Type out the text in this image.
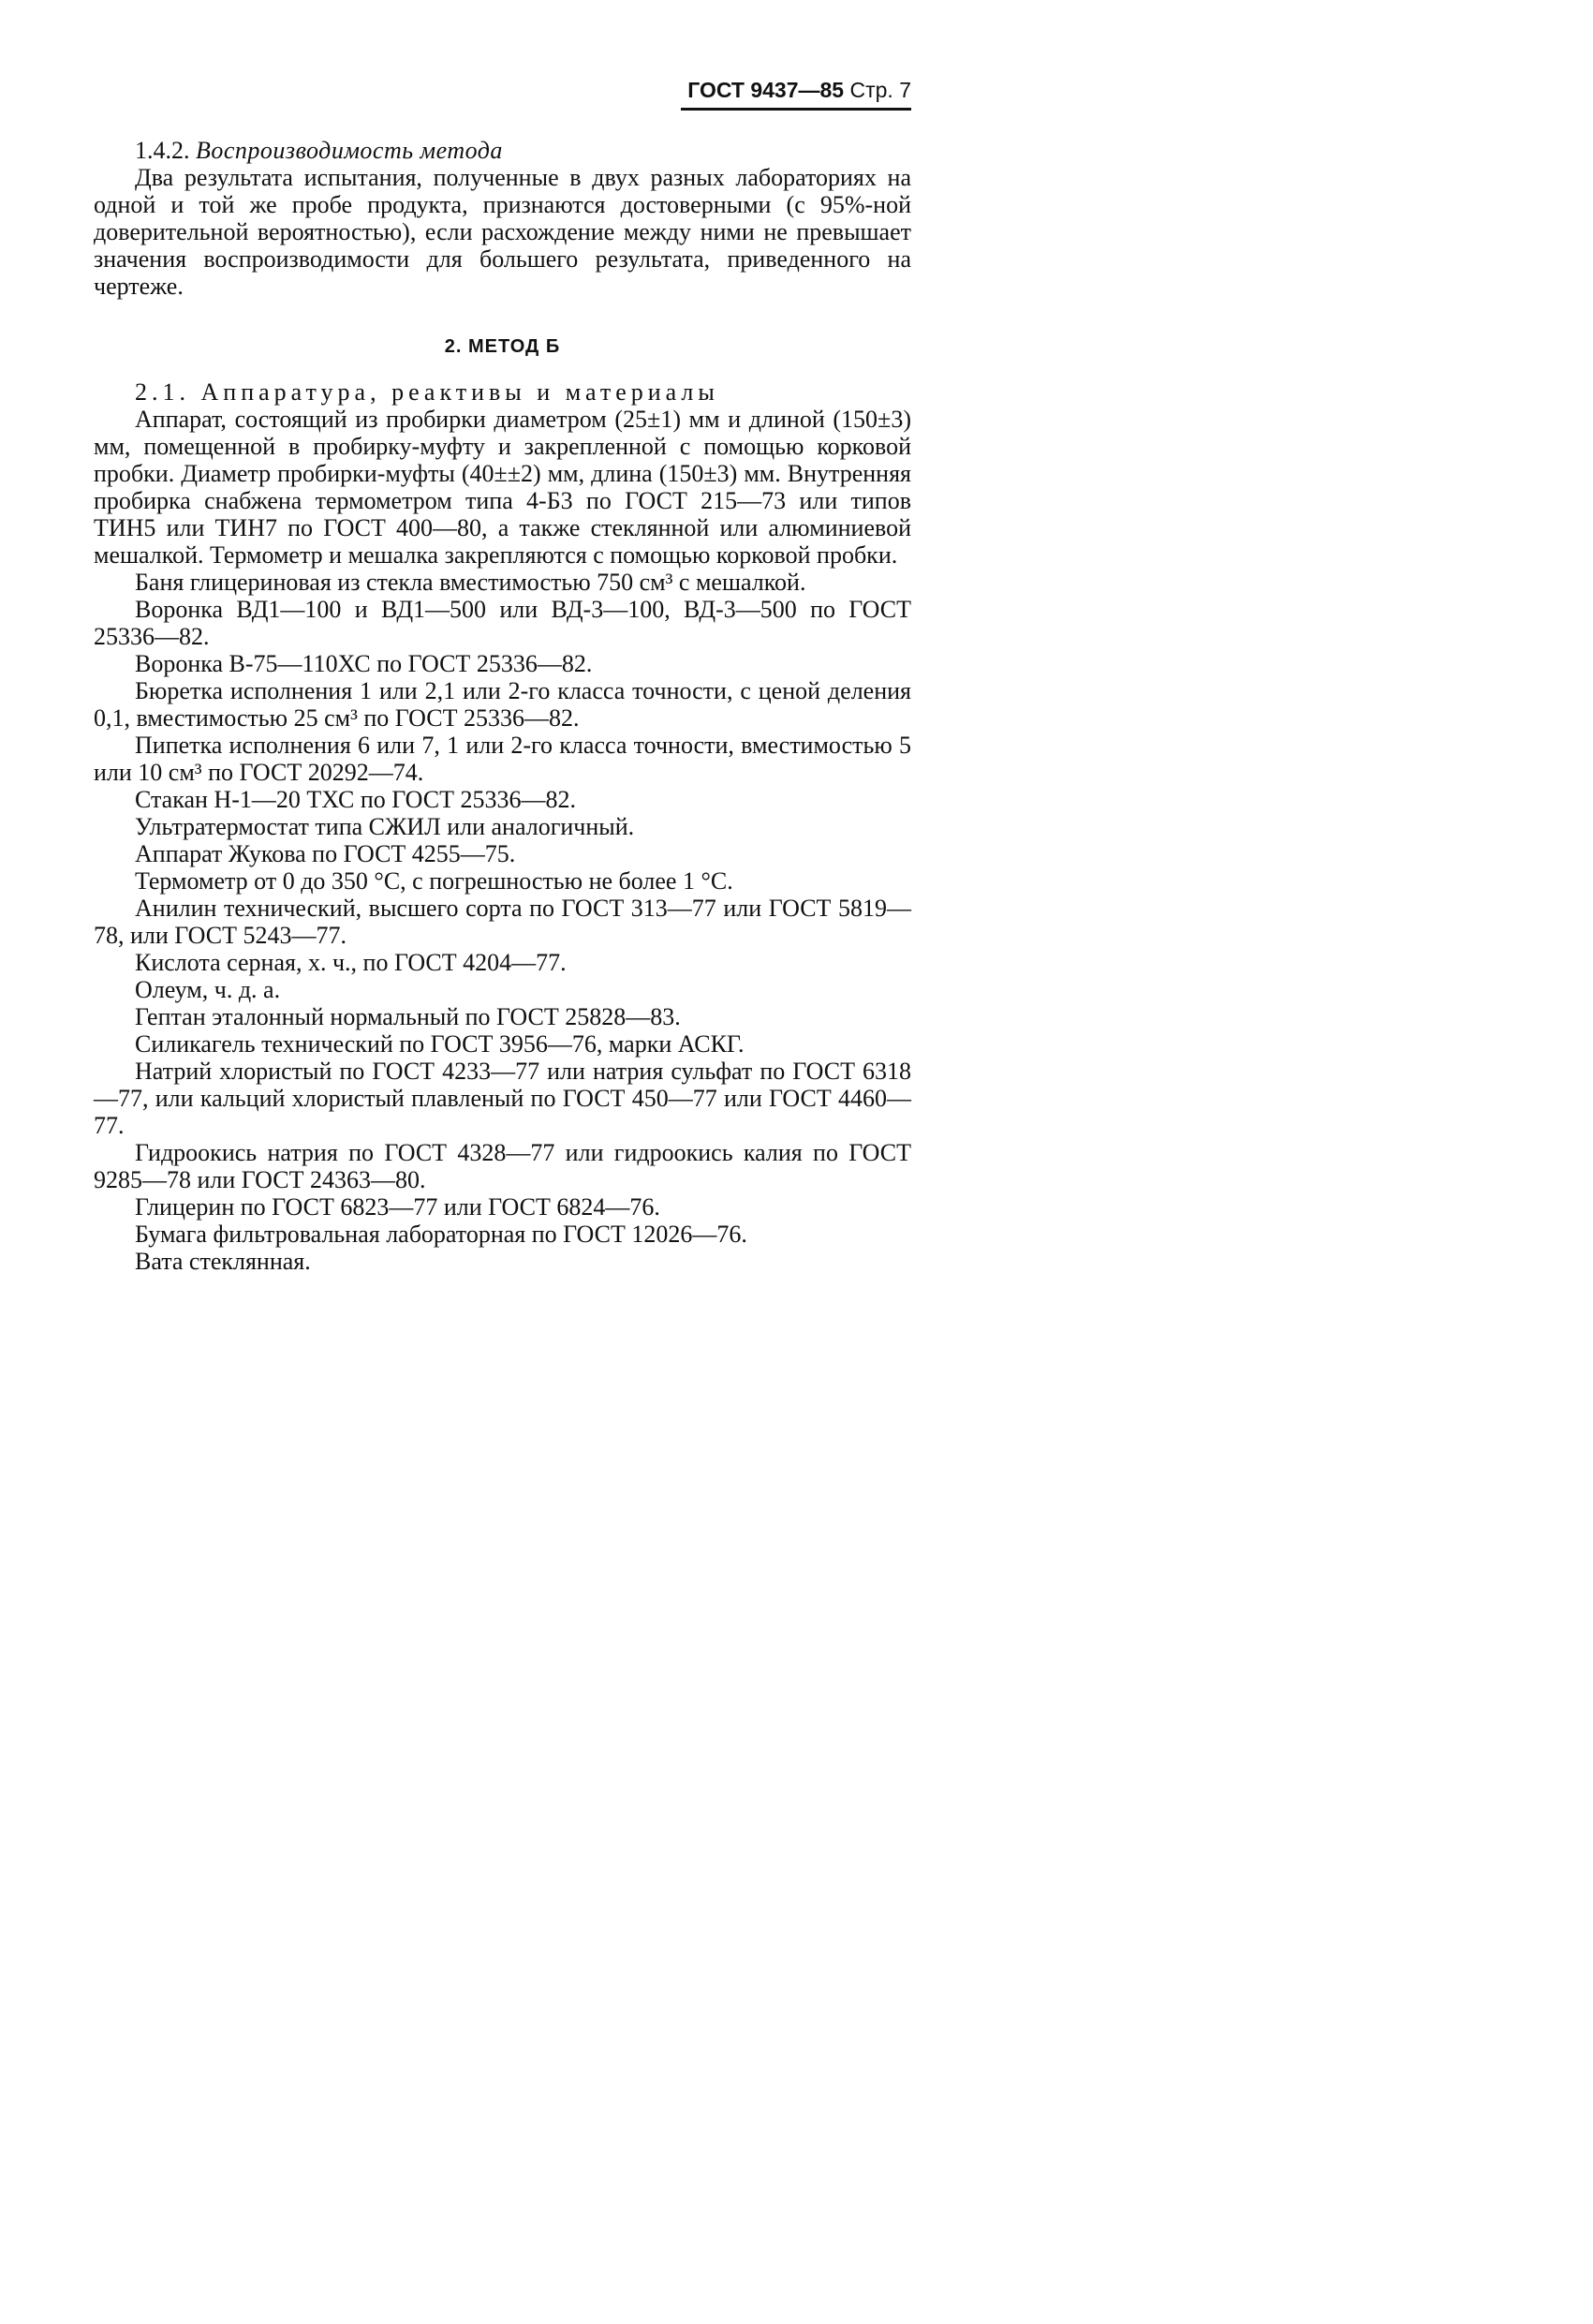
ГОСТ 9437—85 Стр. 7
1.4.2. Воспроизводимость метода

Два результата испытания, полученные в двух разных лабораториях на одной и той же пробе продукта, признаются достоверными (с 95%-ной доверительной вероятностью), если расхождение между ними не превышает значения воспроизводимости для большего результата, приведенного на чертеже.

2. МЕТОД Б
2.1. Аппаратура, реактивы и материалы

Аппарат, состоящий из пробирки диаметром (25±1) мм и длиной (150±3) мм, помещенной в пробирку-муфту и закрепленной с помощью корковой пробки. Диаметр пробирки-муфты (40±±2) мм, длина (150±3) мм. Внутренняя пробирка снабжена термометром типа 4-Б3 по ГОСТ 215—73 или типов ТИН5 или ТИН7 по ГОСТ 400—80, а также стеклянной или алюминиевой мешалкой. Термометр и мешалка закрепляются с помощью корковой пробки.

Баня глицериновая из стекла вместимостью 750 см³ с мешалкой.

Воронка ВД1—100 и ВД1—500 или ВД-3—100, ВД-3—500 по ГОСТ 25336—82.

Воронка В-75—110ХС по ГОСТ 25336—82.

Бюретка исполнения 1 или 2,1 или 2-го класса точности, с ценой деления 0,1, вместимостью 25 см³ по ГОСТ 25336—82.

Пипетка исполнения 6 или 7, 1 или 2-го класса точности, вместимостью 5 или 10 см³ по ГОСТ 20292—74.

Стакан Н-1—20 ТХС по ГОСТ 25336—82.

Ультратермостат типа СЖИЛ или аналогичный.

Аппарат Жукова по ГОСТ 4255—75.

Термометр от 0 до 350 °С, с погрешностью не более 1 °С.

Анилин технический, высшего сорта по ГОСТ 313—77 или ГОСТ 5819—78, или ГОСТ 5243—77.

Кислота серная, х. ч., по ГОСТ 4204—77.

Олеум, ч. д. а.

Гептан эталонный нормальный по ГОСТ 25828—83.

Силикагель технический по ГОСТ 3956—76, марки АСКГ.

Натрий хлористый по ГОСТ 4233—77 или натрия сульфат по ГОСТ 6318—77, или кальций хлористый плавленый по ГОСТ 450—77 или ГОСТ 4460—77.

Гидроокись натрия по ГОСТ 4328—77 или гидроокись калия по ГОСТ 9285—78 или ГОСТ 24363—80.

Глицерин по ГОСТ 6823—77 или ГОСТ 6824—76.

Бумага фильтровальная лабораторная по ГОСТ 12026—76.

Вата стеклянная.
